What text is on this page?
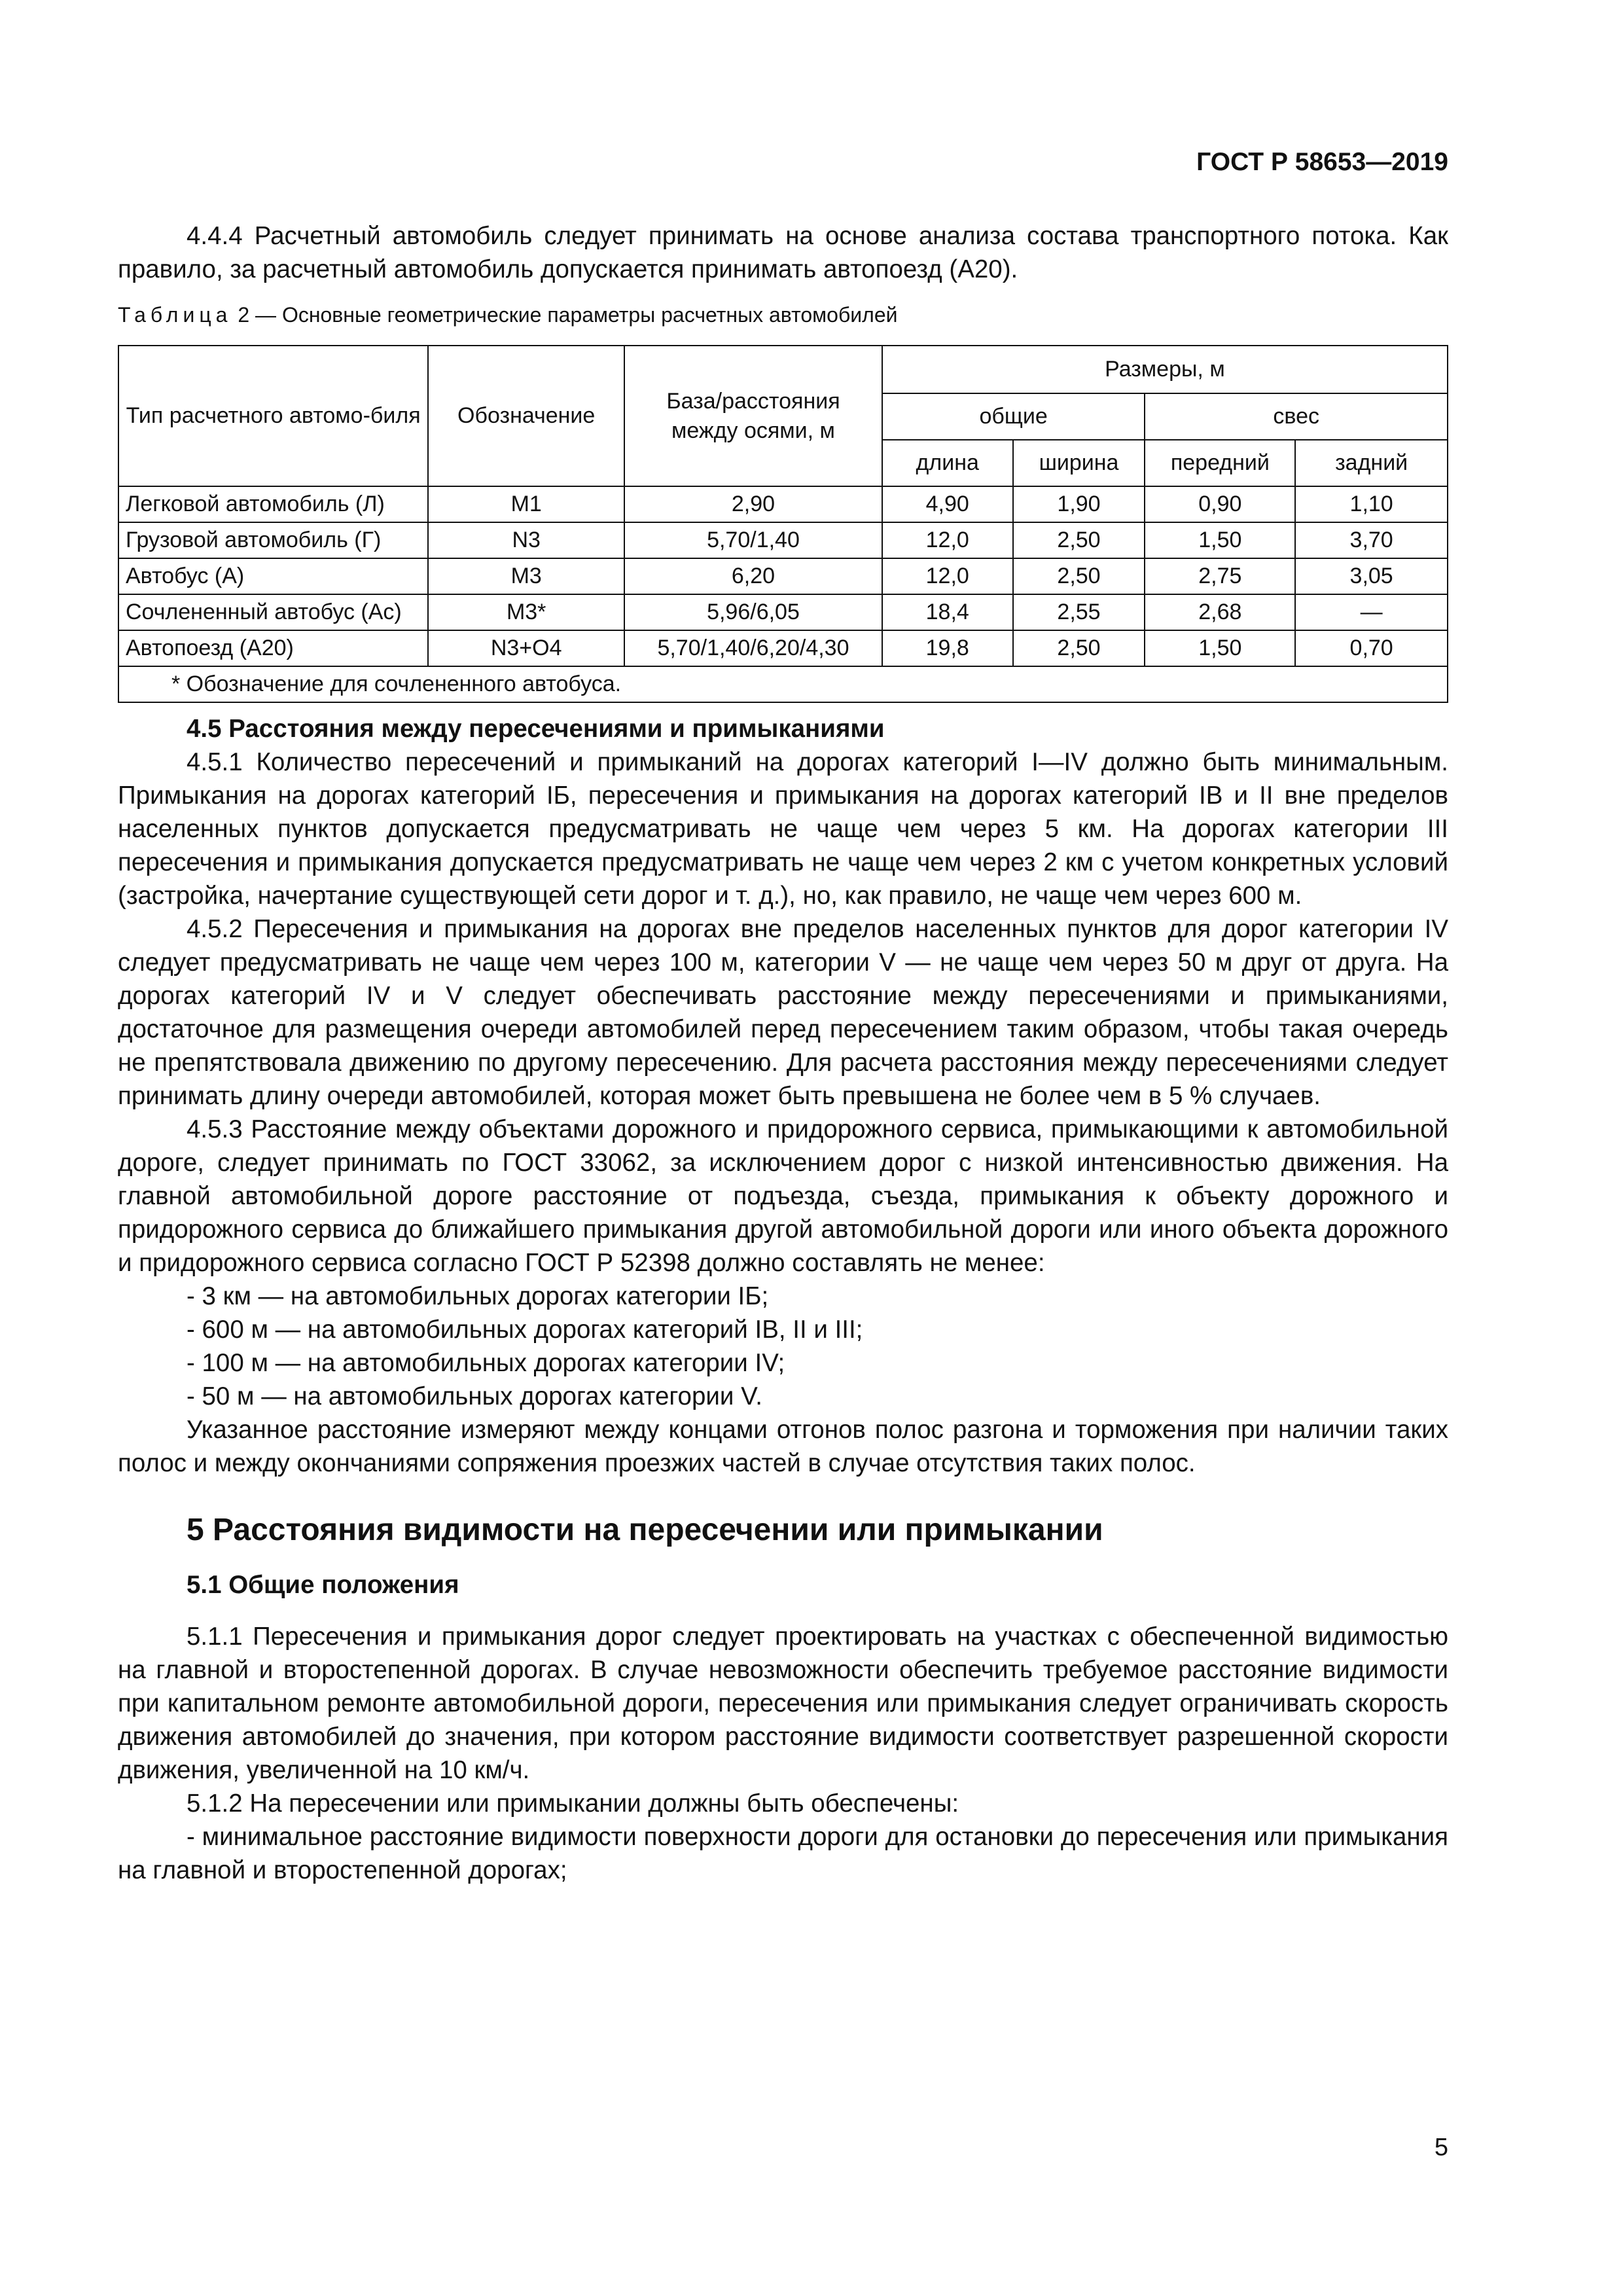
ГОСТ Р 58653—2019

4.4.4 Расчетный автомобиль следует принимать на основе анализа состава транспортного потока. Как правило, за расчетный автомобиль допускается принимать автопоезд (А20).

Таблица 2 — Основные геометрические параметры расчетных автомобилей

Тип расчетного автомо-биля	Обозначение	База/расстояния между осями, м	Размеры, м			
			общие		свес	
			длина	ширина	передний	задний
Легковой автомобиль (Л)	М1	2,90	4,90	1,90	0,90	1,10
Грузовой автомобиль (Г)	N3	5,70/1,40	12,0	2,50	1,50	3,70
Автобус (А)	М3	6,20	12,0	2,50	2,75	3,05
Сочлененный автобус (Ас)	М3*	5,96/6,05	18,4	2,55	2,68	—
Автопоезд (А20)	N3+O4	5,70/1,40/6,20/4,30	19,8	2,50	1,50	0,70
* Обозначение для сочлененного автобуса.						

4.5 Расстояния между пересечениями и примыканиями

4.5.1 Количество пересечений и примыканий на дорогах категорий I—IV должно быть минимальным. Примыкания на дорогах категорий IБ, пересечения и примыкания на дорогах категорий IВ и II вне пределов населенных пунктов допускается предусматривать не чаще чем через 5 км. На дорогах категории III пересечения и примыкания допускается предусматривать не чаще чем через 2 км с учетом конкретных условий (застройка, начертание существующей сети дорог и т. д.), но, как правило, не чаще чем через 600 м.

4.5.2 Пересечения и примыкания на дорогах вне пределов населенных пунктов для дорог категории IV следует предусматривать не чаще чем через 100 м, категории V — не чаще чем через 50 м друг от друга. На дорогах категорий IV и V следует обеспечивать расстояние между пересечениями и примыканиями, достаточное для размещения очереди автомобилей перед пересечением таким образом, чтобы такая очередь не препятствовала движению по другому пересечению. Для расчета расстояния между пересечениями следует принимать длину очереди автомобилей, которая может быть превышена не более чем в 5 % случаев.

4.5.3 Расстояние между объектами дорожного и придорожного сервиса, примыкающими к автомобильной дороге, следует принимать по ГОСТ 33062, за исключением дорог с низкой интенсивностью движения. На главной автомобильной дороге расстояние от подъезда, съезда, примыкания к объекту дорожного и придорожного сервиса до ближайшего примыкания другой автомобильной дороги или иного объекта дорожного и придорожного сервиса согласно ГОСТ Р 52398 должно составлять не менее:

- 3 км — на автомобильных дорогах категории IБ;

- 600 м — на автомобильных дорогах категорий IВ, II и III;

- 100 м — на автомобильных дорогах категории IV;

- 50 м — на автомобильных дорогах категории V.

Указанное расстояние измеряют между концами отгонов полос разгона и торможения при наличии таких полос и между окончаниями сопряжения проезжих частей в случае отсутствия таких полос.

5 Расстояния видимости на пересечении или примыкании

5.1 Общие положения

5.1.1 Пересечения и примыкания дорог следует проектировать на участках с обеспеченной видимостью на главной и второстепенной дорогах. В случае невозможности обеспечить требуемое расстояние видимости при капитальном ремонте автомобильной дороги, пересечения или примыкания следует ограничивать скорость движения автомобилей до значения, при котором расстояние видимости соответствует разрешенной скорости движения, увеличенной на 10 км/ч.

5.1.2 На пересечении или примыкании должны быть обеспечены:

- минимальное расстояние видимости поверхности дороги для остановки до пересечения или примыкания на главной и второстепенной дорогах;

5
